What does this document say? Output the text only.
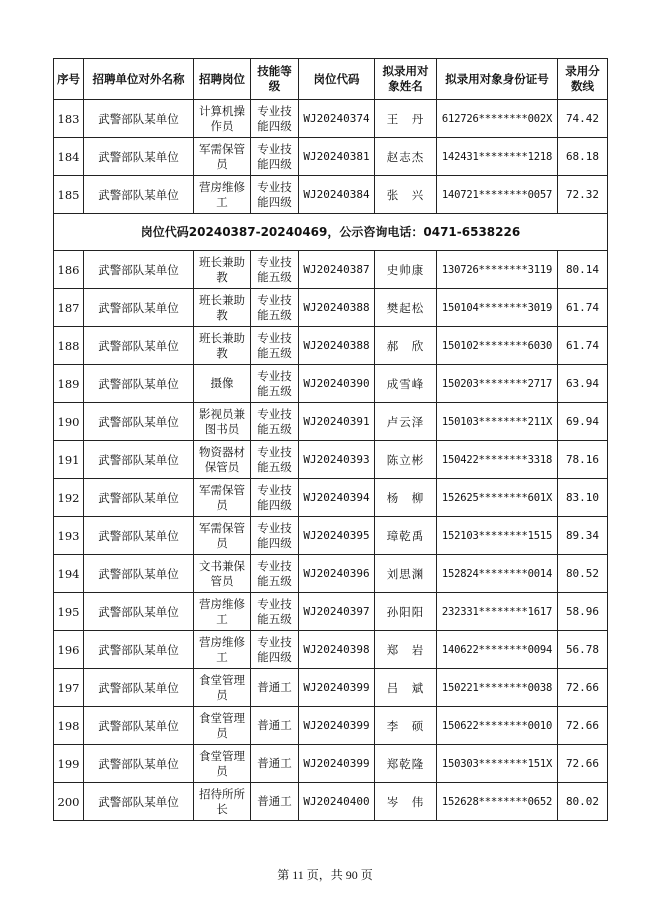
序号	招聘单位对外名称	招聘岗位	技能等级	岗位代码	拟录用对象姓名	拟录用对象身份证号	录用分数线
183	武警部队某单位	计算机操作员	专业技能四级	WJ20240374	王　丹	612726********002X	74.42
184	武警部队某单位	军需保管员	专业技能四级	WJ20240381	赵志杰	142431********1218	68.18
185	武警部队某单位	营房维修工	专业技能四级	WJ20240384	张　兴	140721********0057	72.32
岗位代码20240387-20240469，公示咨询电话：0471-6538226							
186	武警部队某单位	班长兼助教	专业技能五级	WJ20240387	史帅康	130726********3119	80.14
187	武警部队某单位	班长兼助教	专业技能五级	WJ20240388	樊起松	150104********3019	61.74
188	武警部队某单位	班长兼助教	专业技能五级	WJ20240388	郝　欣	150102********6030	61.74
189	武警部队某单位	摄像	专业技能五级	WJ20240390	成雪峰	150203********2717	63.94
190	武警部队某单位	影视员兼图书员	专业技能五级	WJ20240391	卢云泽	150103********211X	69.94
191	武警部队某单位	物资器材保管员	专业技能五级	WJ20240393	陈立彬	150422********3318	78.16
192	武警部队某单位	军需保管员	专业技能四级	WJ20240394	杨　柳	152625********601X	83.10
193	武警部队某单位	军需保管员	专业技能四级	WJ20240395	璋乾禹	152103********1515	89.34
194	武警部队某单位	文书兼保管员	专业技能五级	WJ20240396	刘思渊	152824********0014	80.52
195	武警部队某单位	营房维修工	专业技能五级	WJ20240397	孙阳阳	232331********1617	58.96
196	武警部队某单位	营房维修工	专业技能四级	WJ20240398	郑　岩	140622********0094	56.78
197	武警部队某单位	食堂管理员	普通工	WJ20240399	吕　斌	150221********0038	72.66
198	武警部队某单位	食堂管理员	普通工	WJ20240399	李　硕	150622********0010	72.66
199	武警部队某单位	食堂管理员	普通工	WJ20240399	郑乾隆	150303********151X	72.66
200	武警部队某单位	招待所所长	普通工	WJ20240400	岑　伟	152628********0652	80.02
第 11 页，共 90 页
